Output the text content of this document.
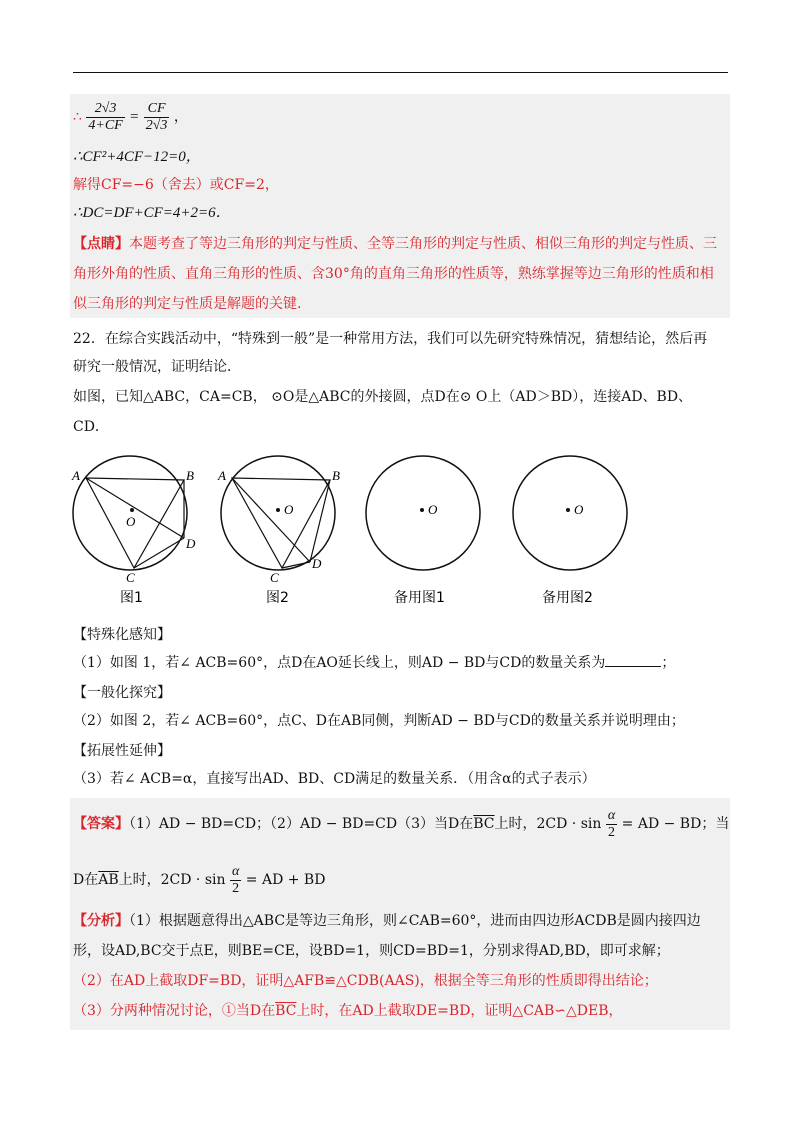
∴ $\frac{2√3}{4+CF} = \frac{CF}{2√3}$ ，
∴CF²+4CF−12=0，
解得CF=−6（舍去）或CF=2，
∴DC=DF+CF=4+2=6．
【点睛】本题考查了等边三角形的判定与性质、全等三角形的判定与性质、相似三角形的判定与性质、三
角形外角的性质、直角三角形的性质、含30°角的直角三角形的性质等，熟练掌握等边三角形的性质和相
似三角形的判定与性质是解题的关键.
22．在综合实践活动中，“特殊到一般”是一种常用方法，我们可以先研究特殊情况，猜想结论，然后再
研究一般情况，证明结论．
如图，已知△ABC，CA=CB， ⊙O是△ABC的外接圆，点D在⊙ O上（AD＞BD），连接AD、BD、
CD．
A	B
O
D
C
图1
A	B
O
D
C
图2
O
备用图1
O
备用图2
【特殊化感知】
（1）如图 1，若∠ ACB=60°，点D在AO延长线上，则AD − BD与CD的数量关系为	；
【一般化探究】
（2）如图 2，若∠ ACB=60°，点C、D在AB同侧，判断AD − BD与CD的数量关系并说明理由；
【拓展性延伸】
（3）若∠ ACB=α，直接写出AD、BD、CD满足的数量关系．（用含α的式子表示）
【答案】（1）AD − BD=CD；（2）AD − BD=CD（3）当D在$\overline{BC}$上时，$2CD \cdot \sin \frac{\alpha}{2}$ = AD − BD；当
D在$\overline{AB}$上时，$2CD \cdot \sin \frac{\alpha}{2}$ = AD + BD
【分析】（1）根据题意得出△ABC是等边三角形，则∠CAB=60°，进而由四边形ACDB是圆内接四边
形，设AD,BC交于点E，则BE=CE，设BD=1，则CD=BD=1，分别求得AD,BD，即可求解；
（2）在AD上截取DF=BD，证明△AFB≌△CDB(AAS)，根据全等三角形的性质即得出结论；
（3）分两种情况讨论，①当D在$\overline{BC}$上时，在AD上截取DE=BD，证明△CAB∽△DEB，
